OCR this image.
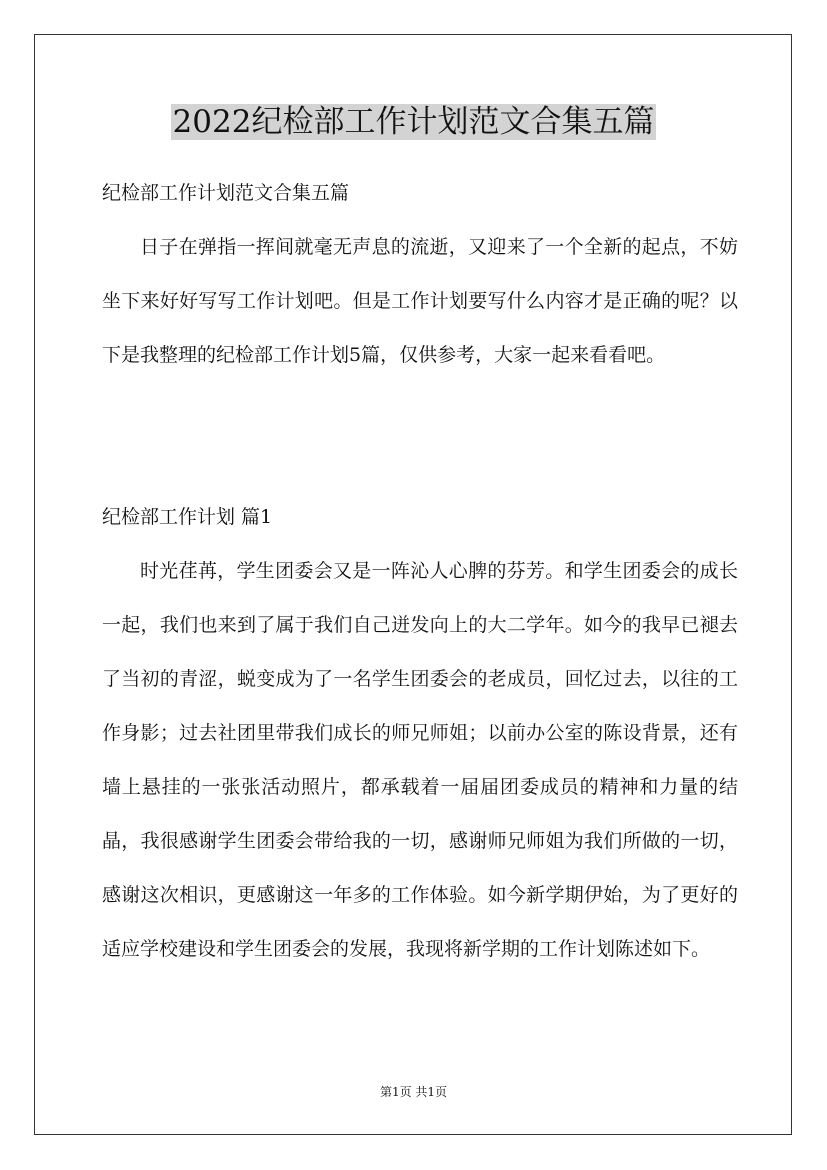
2022纪检部工作计划范文合集五篇

纪检部工作计划范文合集五篇

日子在弹指一挥间就毫无声息的流逝，又迎来了一个全新的起点，不妨坐下来好好写写工作计划吧。但是工作计划要写什么内容才是正确的呢？以下是我整理的纪检部工作计划5篇，仅供参考，大家一起来看看吧。

纪检部工作计划 篇1

时光荏苒，学生团委会又是一阵沁人心脾的芬芳。和学生团委会的成长一起，我们也来到了属于我们自己迸发向上的大二学年。如今的我早已褪去了当初的青涩，蜕变成为了一名学生团委会的老成员，回忆过去，以往的工作身影；过去社团里带我们成长的师兄师姐；以前办公室的陈设背景，还有墙上悬挂的一张张活动照片，都承载着一届届团委成员的精神和力量的结晶，我很感谢学生团委会带给我的一切，感谢师兄师姐为我们所做的一切，感谢这次相识，更感谢这一年多的工作体验。如今新学期伊始，为了更好的适应学校建设和学生团委会的发展，我现将新学期的工作计划陈述如下。

第1页 共1页
